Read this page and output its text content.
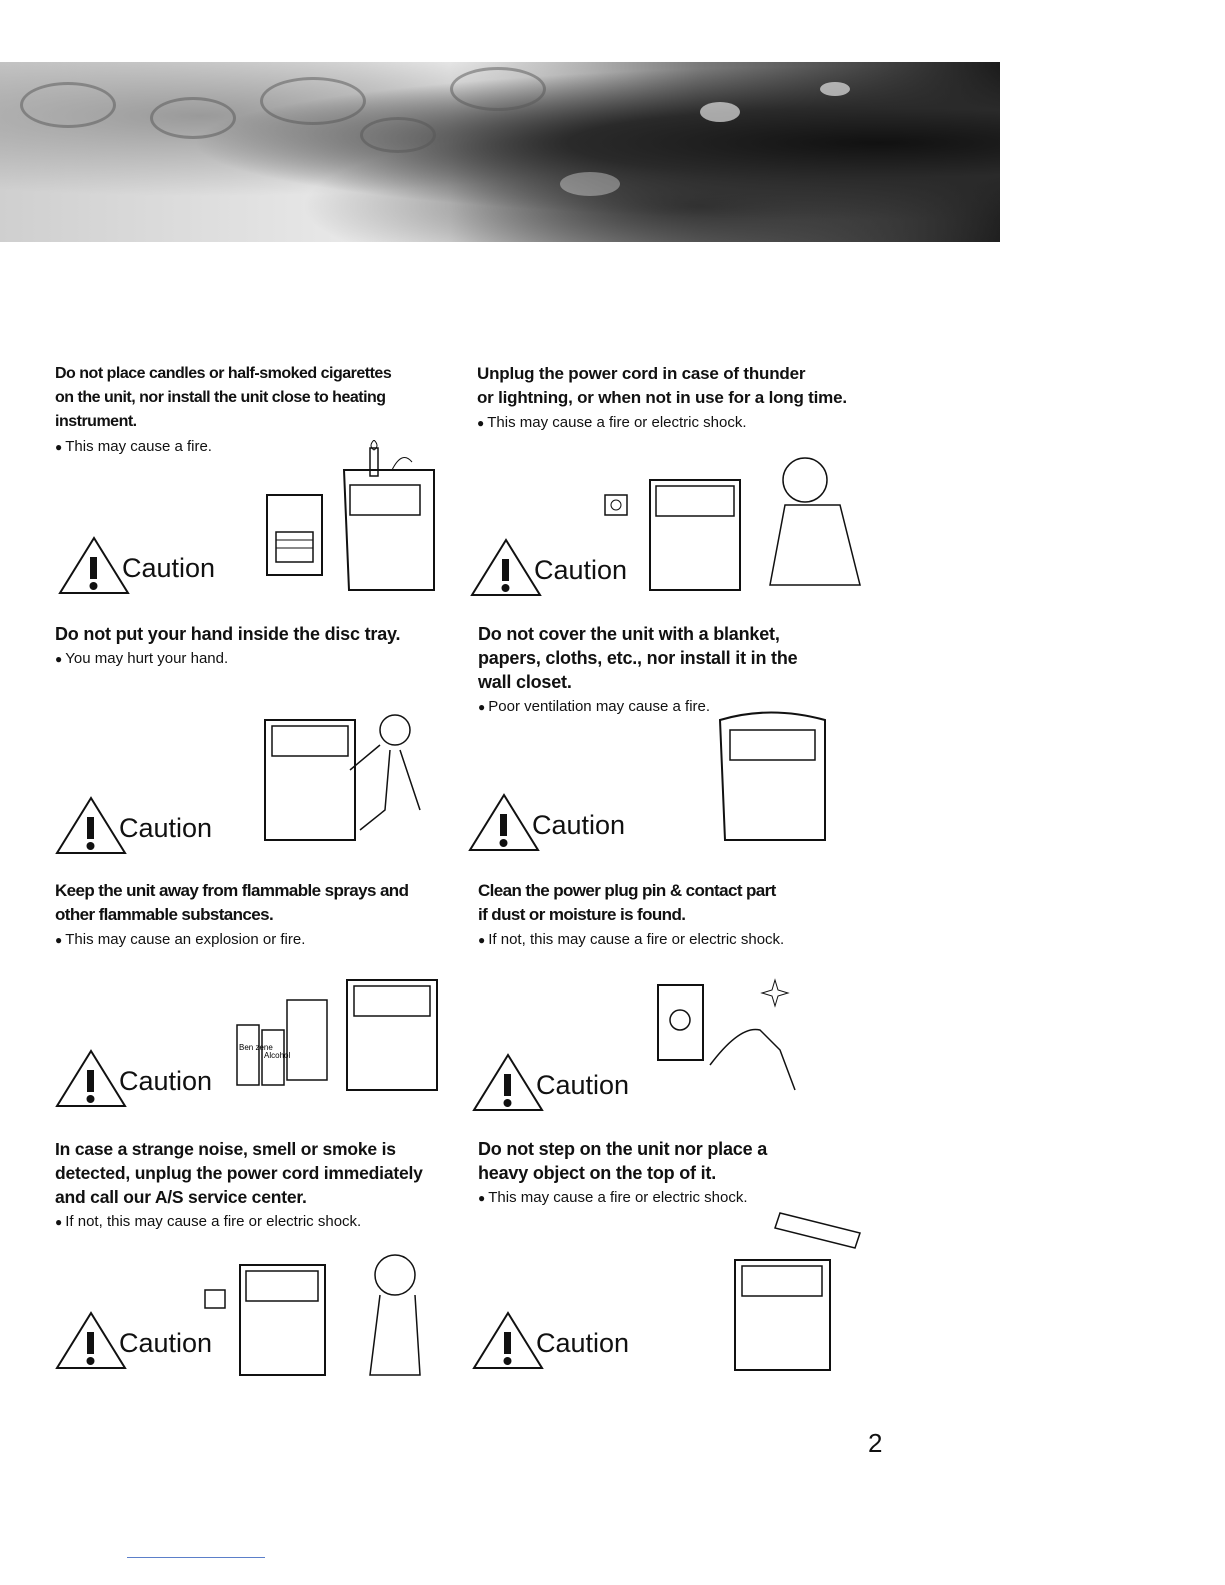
Do not place candles or half-smoked cigarettes
on the unit, nor install the unit close to heating
instrument.

● This may cause a fire.

Caution
Unplug the power cord in case of thunder
or lightning, or when not in use for a long time.

● This may cause a fire or electric shock.

Caution
Do not put your hand inside the disc tray.

● You may hurt your hand.

Caution
Do not cover the unit with a blanket,
papers, cloths, etc., nor install it in the
wall closet.

● Poor ventilation may cause a fire.

Caution
Keep the unit away from flammable sprays and
other flammable substances.

● This may cause an explosion or fire.

Caution
Ben zene
Alcohol
Clean the power plug pin & contact part
if dust or moisture is found.

● If not, this may cause a fire or electric shock.

Caution
In case a strange noise, smell or smoke is
detected, unplug the power cord immediately
and call our A/S service center.

● If not, this may cause a fire or electric shock.

Caution
Do not step on the unit nor place a
heavy object on the top of it.

● This may cause a fire or electric shock.

Caution
2
